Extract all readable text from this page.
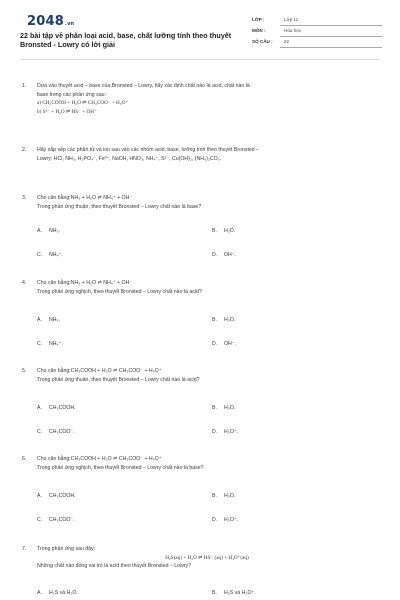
2048.vn
22 bài tập về phân loại acid, base, chất lưỡng tính theo thuyết Bronsted - Lowry có lời giải
LỚP :	Lớp 11
MÔN :	Hóa học
SỐ CÂU : 22
1. Dựa vào thuyết acid – base của Bronsted – Lowry, hãy xác định chất nào là acid, chất nào là
base trong các phản ứng sau:
a) CH₃COOH + H₂O ⇌ CH₃COO⁻ + H₃O⁺
b) S²⁻ + H₂O ⇌ HS⁻ + OH⁻
2. Hãy sắp xếp các phân tử và ion sau vào các nhóm acid, base, lưỡng tính theo thuyết Bronsted –
Lowry: HCl, NH₃, H₂PO₄⁻, Fe³⁺, NaOH, HNO₃, NH₄⁺, S²⁻, Cu(OH)₂, (NH₄)₂CO₃.
3. Cho cân bằng:NH₃ + H₂O ⇌ NH₄⁺ + OH⁻
Trong phản ứng thuận, theo thuyết Bronsted – Lowry chất nào là base?
A. NH₃.	B. H₂O.
C. NH₄⁺.	D. OH⁻.
4. Cho cân bằng:NH₃ + H₂O ⇌ NH₄⁺ + OH⁻
Trong phản ứng nghịch, theo thuyết Bronsted – Lowry chất nào là acid?
A. NH₃.	B. H₂O.
C. NH₄⁺.	D. OH⁻.
5. Cho cân bằng:CH₃COOH + H₂O ⇌ CH₃COO⁻ + H₃O⁺
Trong phản ứng thuận, theo thuyết Bronsted – Lowry chất nào là acid?
A. CH₃COOH.	B. H₂O.
C. CH₃COO⁻.	D. H₃O⁺.
6. Cho cân bằng:CH₃COOH + H₂O ⇌ CH₃COO⁻ + H₃O⁺
Trong phản ứng nghịch, theo thuyết Bronsted – Lowry chất nào là base?
A. CH₃COOH.	B. H₂O.
C. CH₃COO⁻.	D. H₃O⁺.
7. Trong phản ứng sau đây:
H₂S(aq) + H₂O ⇌ HS⁻ (aq) + H₃O⁺(aq)
Những chất nào đóng vai trò là acid theo thuyết Bronsted – Lowry?
A. H₂S và H₂O.	B. H₂S và H₃O⁺.
